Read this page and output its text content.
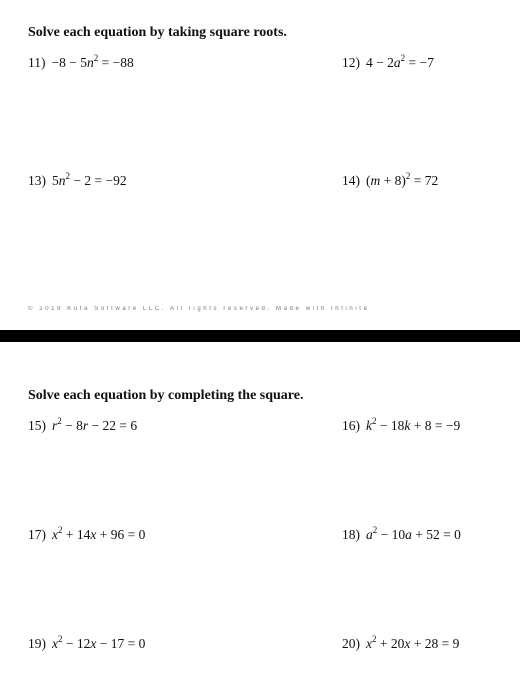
Solve each equation by taking square roots.
$11) -8 - 5n^2 = -88$	12) $4 - 2a^2 = -7$
13) $5n^2 - 2 = -92$	14) $(m + 8)^2 = 72$
© 2019 Kuta Software LLC. All rights reserved. Made with Infinite
Solve each equation by completing the square.
15) $r^2 - 8r - 22 = 6$	16) $k^2 - 18k + 8 = -9$
17) $x^2 + 14x + 96 = 0$	18) $a^2 - 10a + 52 = 0$
19) $x^2 - 12x - 17 = 0$	20) $x^2 + 20x + 28 = 9$
